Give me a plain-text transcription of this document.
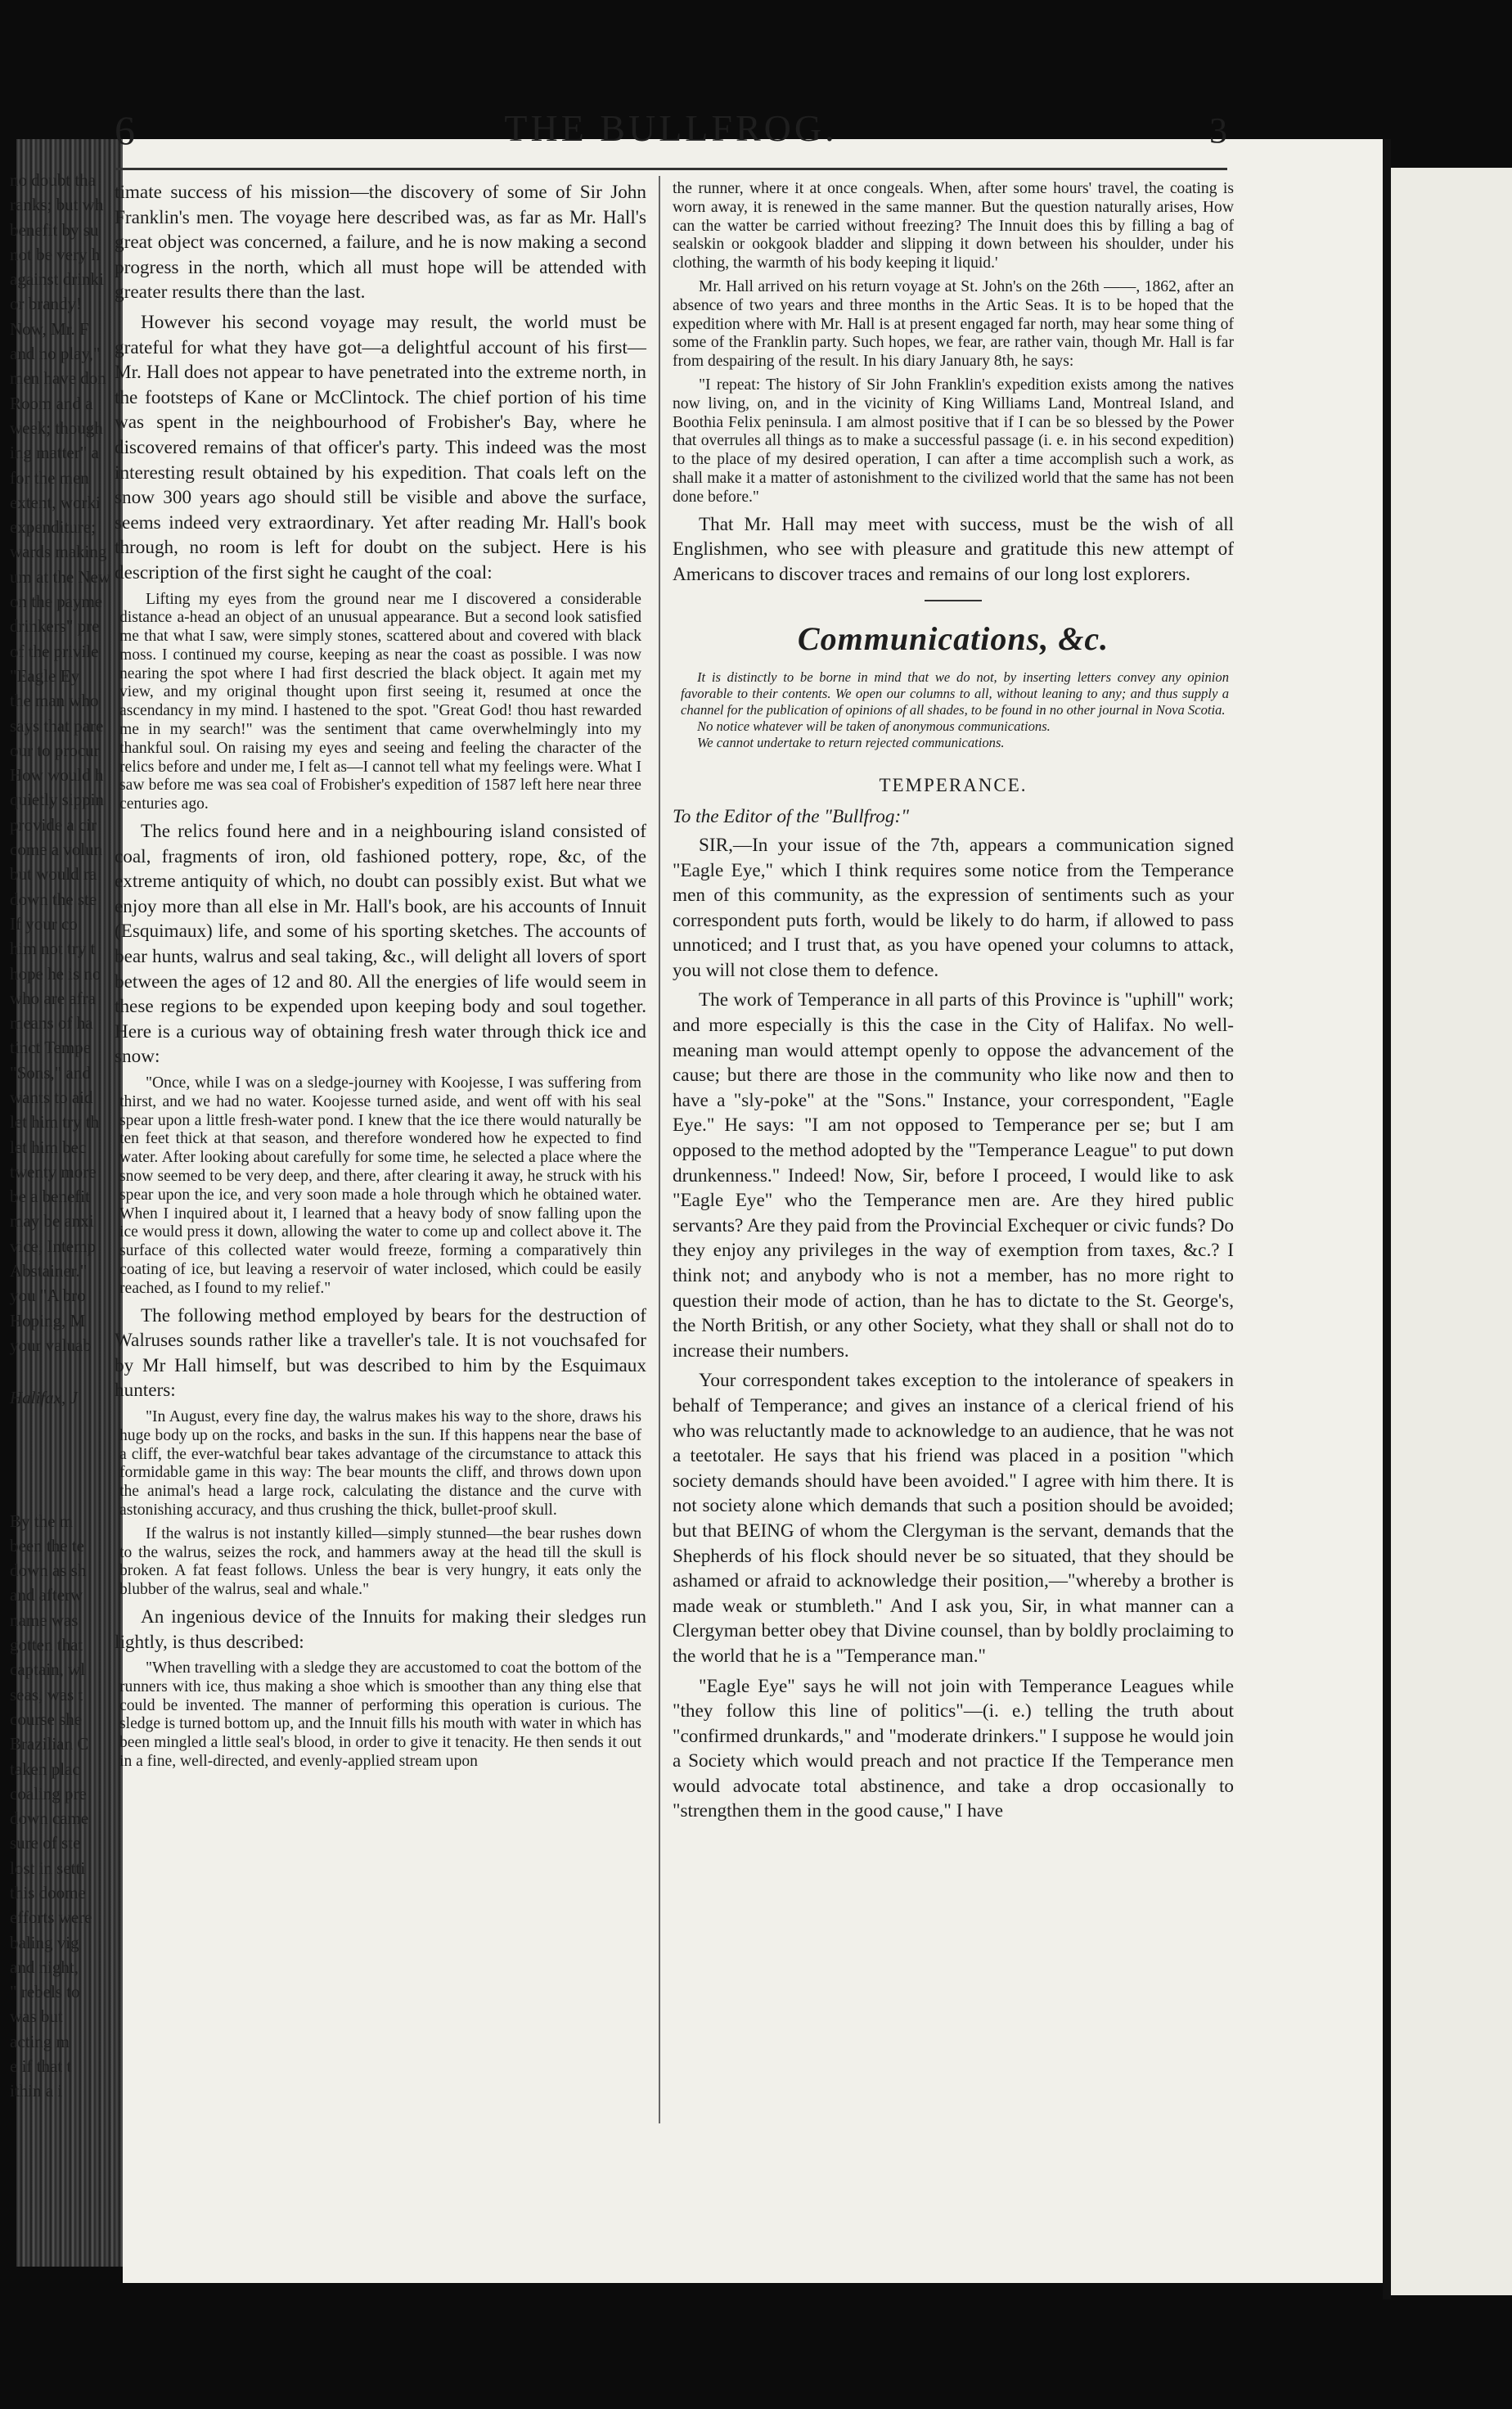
6	THE BULLFROG.	3

timate success of his mission—the discovery of some of Sir John Franklin's men. The voyage here described was, as far as Mr. Hall's great object was concerned, a failure, and he is now making a second progress in the north, which all must hope will be attended with greater results there than the last.

However his second voyage may result, the world must be grateful for what they have got—a delightful account of his first—Mr. Hall does not appear to have penetrated into the extreme north, in the footsteps of Kane or McClintock. The chief portion of his time was spent in the neighbourhood of Frobisher's Bay, where he discovered remains of that officer's party. This indeed was the most interesting result obtained by his expedition. That coals left on the snow 300 years ago should still be visible and above the surface, seems indeed very extraordinary. Yet after reading Mr. Hall's book through, no room is left for doubt on the subject. Here is his description of the first sight he caught of the coal:

Lifting my eyes from the ground near me I discovered a considerable distance a-head an object of an unusual appearance. But a second look satisfied me that what I saw, were simply stones, scattered about and covered with black moss. I continued my course, keeping as near the coast as possible. I was now nearing the spot where I had first descried the black object. It again met my view, and my original thought upon first seeing it, resumed at once the ascendancy in my mind. I hastened to the spot. "Great God! thou hast rewarded me in my search!" was the sentiment that came overwhelmingly into my thankful soul. On raising my eyes and seeing and feeling the character of the relics before and under me, I felt as—I cannot tell what my feelings were. What I saw before me was sea coal of Frobisher's expedition of 1587 left here near three centuries ago.

The relics found here and in a neighbouring island consisted of coal, fragments of iron, old fashioned pottery, rope, &c, of the extreme antiquity of which, no doubt can possibly exist. But what we enjoy more than all else in Mr. Hall's book, are his accounts of Innuit (Esquimaux) life, and some of his sporting sketches. The accounts of bear hunts, walrus and seal taking, &c., will delight all lovers of sport between the ages of 12 and 80. All the energies of life would seem in these regions to be expended upon keeping body and soul together. Here is a curious way of obtaining fresh water through thick ice and snow:

"Once, while I was on a sledge-journey with Koojesse, I was suffering from thirst, and we had no water. Koojesse turned aside, and went off with his seal spear upon a little fresh-water pond. I knew that the ice there would naturally be ten feet thick at that season, and therefore wondered how he expected to find water. After looking about carefully for some time, he selected a place where the snow seemed to be very deep, and there, after clearing it away, he struck with his spear upon the ice, and very soon made a hole through which he obtained water. When I inquired about it, I learned that a heavy body of snow falling upon the ice would press it down, allowing the water to come up and collect above it. The surface of this collected water would freeze, forming a comparatively thin coating of ice, but leaving a reservoir of water inclosed, which could be easily reached, as I found to my relief."

The following method employed by bears for the destruction of Walruses sounds rather like a traveller's tale. It is not vouchsafed for by Mr Hall himself, but was described to him by the Esquimaux hunters:

"In August, every fine day, the walrus makes his way to the shore, draws his huge body up on the rocks, and basks in the sun. If this happens near the base of a cliff, the ever-watchful bear takes advantage of the circumstance to attack this formidable game in this way: The bear mounts the cliff, and throws down upon the animal's head a large rock, calculating the distance and the curve with astonishing accuracy, and thus crushing the thick, bullet-proof skull.

If the walrus is not instantly killed—simply stunned—the bear rushes down to the walrus, seizes the rock, and hammers away at the head till the skull is broken. A fat feast follows. Unless the bear is very hungry, it eats only the blubber of the walrus, seal and whale."

An ingenious device of the Innuits for making their sledges run lightly, is thus described:

"When travelling with a sledge they are accustomed to coat the bottom of the runners with ice, thus making a shoe which is smoother than any thing else that could be invented. The manner of performing this operation is curious. The sledge is turned bottom up, and the Innuit fills his mouth with water in which has been mingled a little seal's blood, in order to give it tenacity. He then sends it out in a fine, well-directed, and evenly-applied stream upon

the runner, where it at once congeals. When, after some hours' travel, the coating is worn away, it is renewed in the same manner. But the question naturally arises, How can the watter be carried without freezing? The Innuit does this by filling a bag of sealskin or ookgook bladder and slipping it down between his shoulder, under his clothing, the warmth of his body keeping it liquid.'

Mr. Hall arrived on his return voyage at St. John's on the 26th ——, 1862, after an absence of two years and three months in the Artic Seas. It is to be hoped that the expedition where with Mr. Hall is at present engaged far north, may hear some thing of some of the Franklin party. Such hopes, we fear, are rather vain, though Mr. Hall is far from despairing of the result. In his diary January 8th, he says:

"I repeat: The history of Sir John Franklin's expedition exists among the natives now living, on, and in the vicinity of King Williams Land, Montreal Island, and Boothia Felix peninsula. I am almost positive that if I can be so blessed by the Power that overrules all things as to make a successful passage (i. e. in his second expedition) to the place of my desired operation, I can after a time accomplish such a work, as shall make it a matter of astonishment to the civilized world that the same has not been done before."

That Mr. Hall may meet with success, must be the wish of all Englishmen, who see with pleasure and gratitude this new attempt of Americans to discover traces and remains of our long lost explorers.

Communications, &c.

It is distinctly to be borne in mind that we do not, by inserting letters convey any opinion favorable to their contents. We open our columns to all, without leaning to any; and thus supply a channel for the publication of opinions of all shades, to be found in no other journal in Nova Scotia.

No notice whatever will be taken of anonymous communications.

We cannot undertake to return rejected communications.

TEMPERANCE.
To the Editor of the "Bullfrog:"

SIR,—In your issue of the 7th, appears a communication signed "Eagle Eye," which I think requires some notice from the Temperance men of this community, as the expression of sentiments such as your correspondent puts forth, would be likely to do harm, if allowed to pass unnoticed; and I trust that, as you have opened your columns to attack, you will not close them to defence.

The work of Temperance in all parts of this Province is "uphill" work; and more especially is this the case in the City of Halifax. No well-meaning man would attempt openly to oppose the advancement of the cause; but there are those in the community who like now and then to have a "sly-poke" at the "Sons." Instance, your correspondent, "Eagle Eye." He says: "I am not opposed to Temperance per se; but I am opposed to the method adopted by the "Temperance League" to put down drunkenness." Indeed! Now, Sir, before I proceed, I would like to ask "Eagle Eye" who the Temperance men are. Are they hired public servants? Are they paid from the Provincial Exchequer or civic funds? Do they enjoy any privileges in the way of exemption from taxes, &c.? I think not; and anybody who is not a member, has no more right to question their mode of action, than he has to dictate to the St. George's, the North British, or any other Society, what they shall or shall not do to increase their numbers.

Your correspondent takes exception to the intolerance of speakers in behalf of Temperance; and gives an instance of a clerical friend of his who was reluctantly made to acknowledge to an audience, that he was not a teetotaler. He says that his friend was placed in a position "which society demands should have been avoided." I agree with him there. It is not society alone which demands that such a position should be avoided; but that BEING of whom the Clergyman is the servant, demands that the Shepherds of his flock should never be so situated, that they should be ashamed or afraid to acknowledge their position,—"whereby a brother is made weak or stumbleth." And I ask you, Sir, in what manner can a Clergyman better obey that Divine counsel, than by boldly proclaiming to the world that he is a "Temperance man."

"Eagle Eye" says he will not join with Temperance Leagues while "they follow this line of politics"—(i. e.) telling the truth about "confirmed drunkards," and "moderate drinkers." I suppose he would join a Society which would preach and not practice If the Temperance men would advocate total abstinence, and take a drop occasionally to "strengthen them in the good cause," I have

no doubt tha
ranks; but wh
benefit by su
not be very h
against drinki
or brandy!
Now, Mr. F
and no play,"
men have don
Room and a
week; though
ing matter" a
for the men
extent, worki
expenditure;
wards making
um at the New
on the payme
drinkers" pre
of the privile
"Eagle Ey
the man who
says that pare
our to procur
How would h
quietly sippin
provide a cir
come a volun
but would ra
down the ste
If your co
him not try t
hope he is no
who are afra
means of ha
tinct Tempe
"Sons," and
wants to aid
let him try th
let him bec
twenty more
be a benefit
may be anxi
vice, Intemp
Abstainer."
you "A bro
Hoping, M
your valuab
Halifax, J
By the m
been the te
down as sh
and afterw
name was
gotten that
captain, wl
seas, was t
course she
Brazilian C
taken plac
coaling pre
down came
sure of ste
lost in setti
this doome
efforts were
baling vig
and night,
" rebels to
was but
acting m
e if that t
ithin a i
